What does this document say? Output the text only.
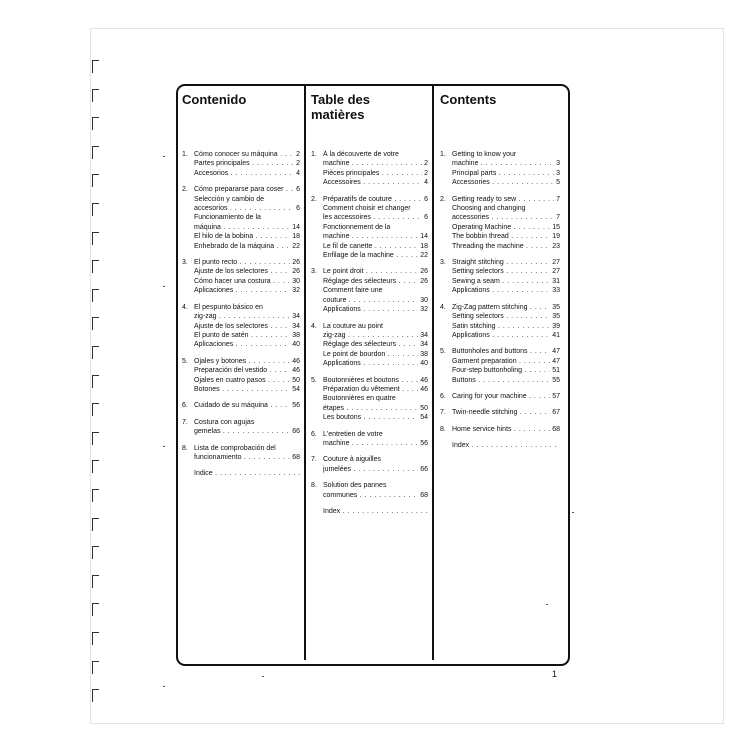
Contenido
1. Cómo conocer su máquina . . .	2
Partes principales . . .	2
Accesorios . . .	4
2. Cómo prepararse para coser . . .	6
Selección y cambio de
accesorios . . .	6
Funcionamiento de la
máquina . . .	14
El hilo de la bobina . . .	18
Enhebrado de la máquina . . .	22
3. El punto recto . . .	26
Ajuste de los selectores . . .	26
Cómo hacer una costura . . .	30
Aplicaciones . . .	32
4. El pespunto básico en
zig-zag . . .	34
Ajuste de los selectores . . .	34
El punto de satén . . .	38
Aplicaciones . . .	40
5. Ojales y botones . . .	46
Preparación del vestido . . .	46
Ojales en cuatro pasos . . .	50
Botones . . .	54
6. Cuidado de su máquina . . .	56
7. Costura con agujas
gemelas . . .	66
8. Lista de comprobación del
funcionamiento . . .	68
Indice . . .
Table des matières
1. À la découverte de votre
machine . . .	2
Pièces principales . . .	2
Accessoires . . .	4
2. Préparatifs de couture . . .	6
Comment choisir et changer
les accessoires . . .	6
Fonctionnement de la
machine . . .	14
Le fil de canette . . .	18
Enfilage de la machine . . .	22
3. Le point droit . . .	26
Réglage des sélecteurs . . .	26
Comment faire une
couture . . .	30
Applications . . .	32
4. La couture au point
zig-zag . . .	34
Réglage des sélecteurs . . .	34
Le point de bourdon . . .	38
Applications . . .	40
5. Boutonnières et boutons . . .	46
Préparation du vêtement . . .	46
Boutonnières en quatre
étapes . . .	50
Les boutons . . .	54
6. L'entretien de votre
machine . . .	56
7. Couture à aiguilles
jumelées . . .	66
8. Solution des pannes
communes . . .	68
Index . . .
Contents
1. Getting to know your
machine . . .	3
Principal parts . . .	3
Accessories . . .	5
2. Getting ready to sew . . .	7
Choosing and changing
accessories . . .	7
Operating Machine . . .	15
The bobbin thread . . .	19
Threading the machine . . .	23
3. Straight stitching . . .	27
Setting selectors . . .	27
Sewing a seam . . .	31
Applications . . .	33
4. Zig-Zag pattern stitching . . .	35
Setting selectors . . .	35
Satin stitching . . .	39
Applications . . .	41
5. Buttonholes and buttons . . .	47
Garment preparation . . .	47
Four-step buttonholing . . .	51
Buttons . . .	55
6. Caring for your machine . . .	57
7. Twin-needle stitching . . .	67
8. Home service hints . . .	68
Index . . .
1
